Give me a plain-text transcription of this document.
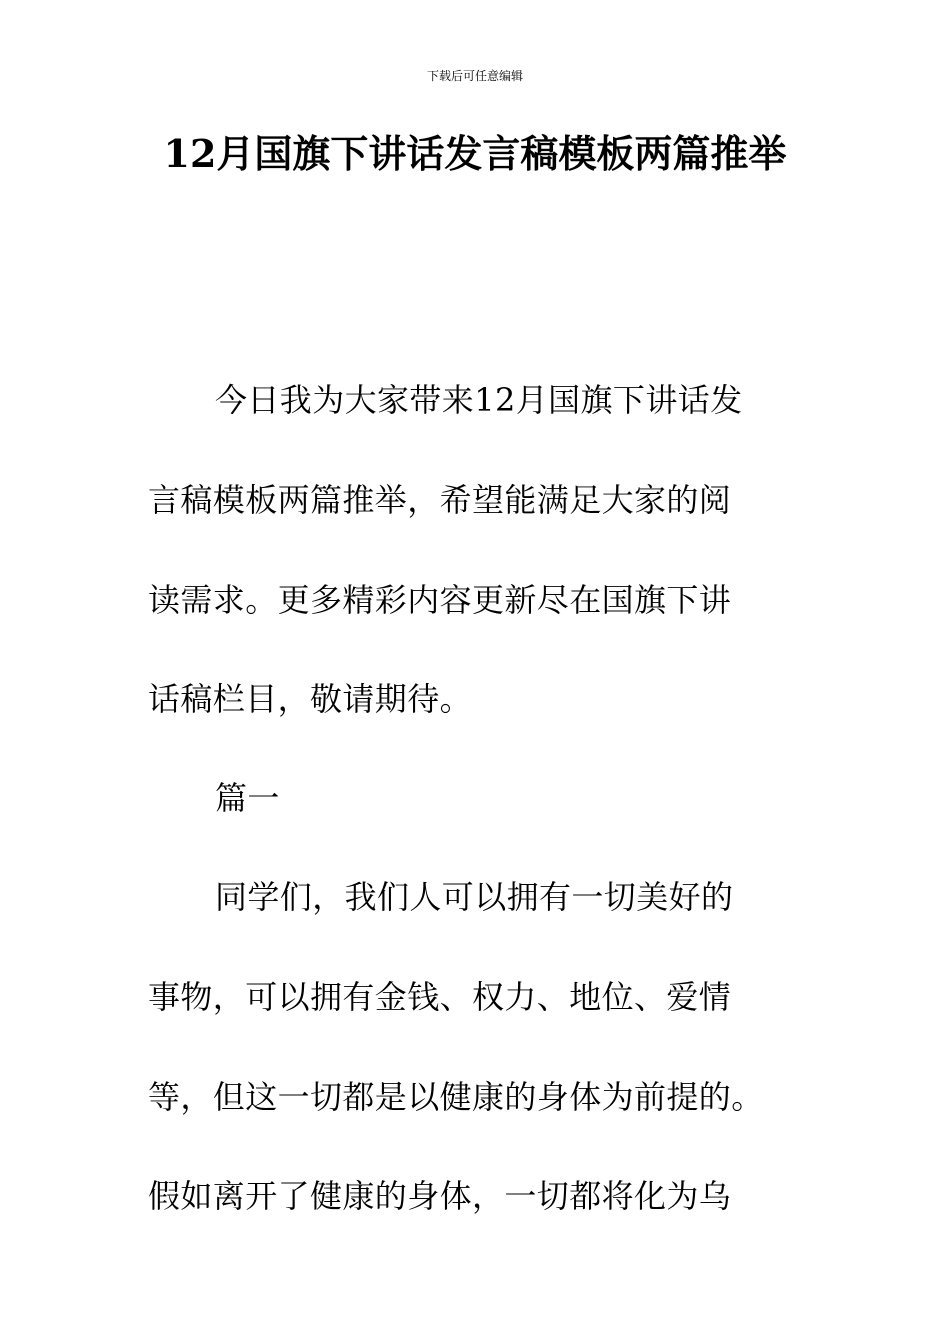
下载后可任意编辑
12月国旗下讲话发言稿模板两篇推举
今日我为大家带来12月国旗下讲话发
言稿模板两篇推举，希望能满足大家的阅
读需求。更多精彩内容更新尽在国旗下讲
话稿栏目，敬请期待。
篇一
同学们，我们人可以拥有一切美好的
事物，可以拥有金钱、权力、地位、爱情
等，但这一切都是以健康的身体为前提的。
假如离开了健康的身体，一切都将化为乌
